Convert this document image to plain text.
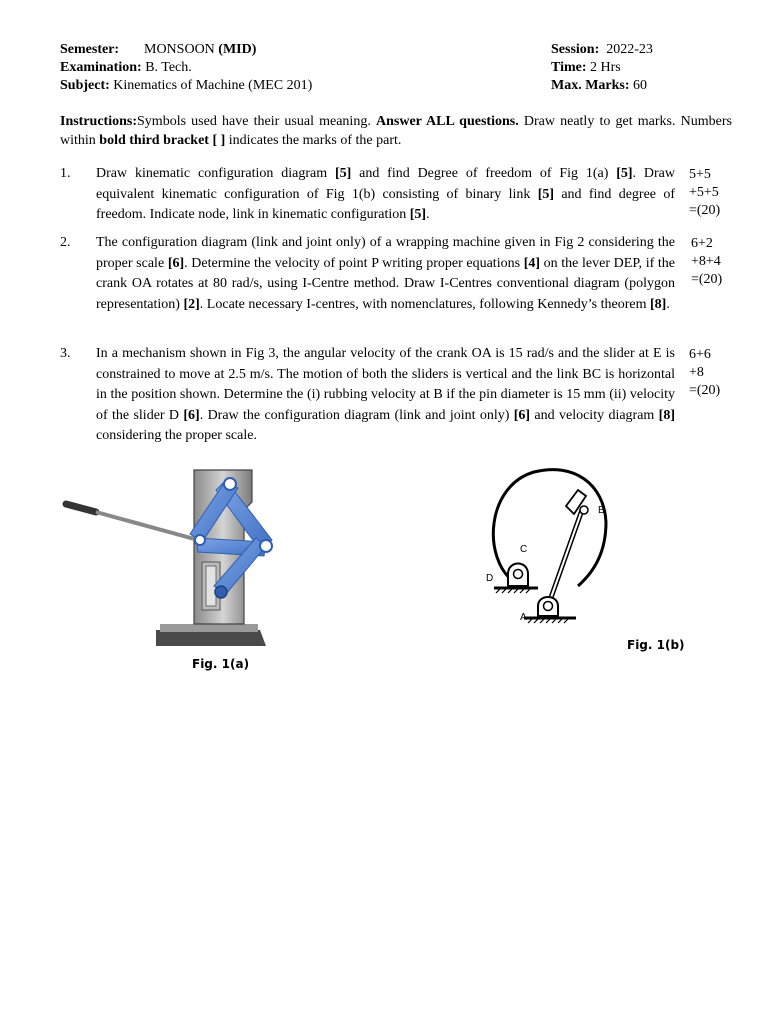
Semester: MONSOON (MID)
Examination: B. Tech.
Subject: Kinematics of Machine (MEC 201)
Session: 2022-23
Time: 2 Hrs
Max. Marks: 60
Instructions:Symbols used have their usual meaning. Answer ALL questions. Draw neatly to get marks. Numbers within bold third bracket [ ] indicates the marks of the part.
1. Draw kinematic configuration diagram [5] and find Degree of freedom of Fig 1(a) [5]. Draw equivalent kinematic configuration of Fig 1(b) consisting of binary link [5] and find degree of freedom. Indicate node, link in kinematic configuration [5].
5+5
+5+5
=(20)
2. The configuration diagram (link and joint only) of a wrapping machine given in Fig 2 considering the proper scale [6]. Determine the velocity of point P writing proper equations [4] on the lever DEP, if the crank OA rotates at 80 rad/s, using I-Centre method. Draw I-Centres conventional diagram (polygon representation) [2]. Locate necessary I-centres, with nomenclatures, following Kennedy’s theorem [8].
6+2
+8+4
=(20)
3. In a mechanism shown in Fig 3, the angular velocity of the crank OA is 15 rad/s and the slider at E is constrained to move at 2.5 m/s. The motion of both the sliders is vertical and the link BC is horizontal in the position shown. Determine the (i) rubbing velocity at B if the pin diameter is 15 mm (ii) velocity of the slider D [6]. Draw the configuration diagram (link and joint only) [6] and velocity diagram [8] considering the proper scale.
6+6
+8
=(20)
Fig. 1(a)
B
C
D
A
Fig. 1(b)
